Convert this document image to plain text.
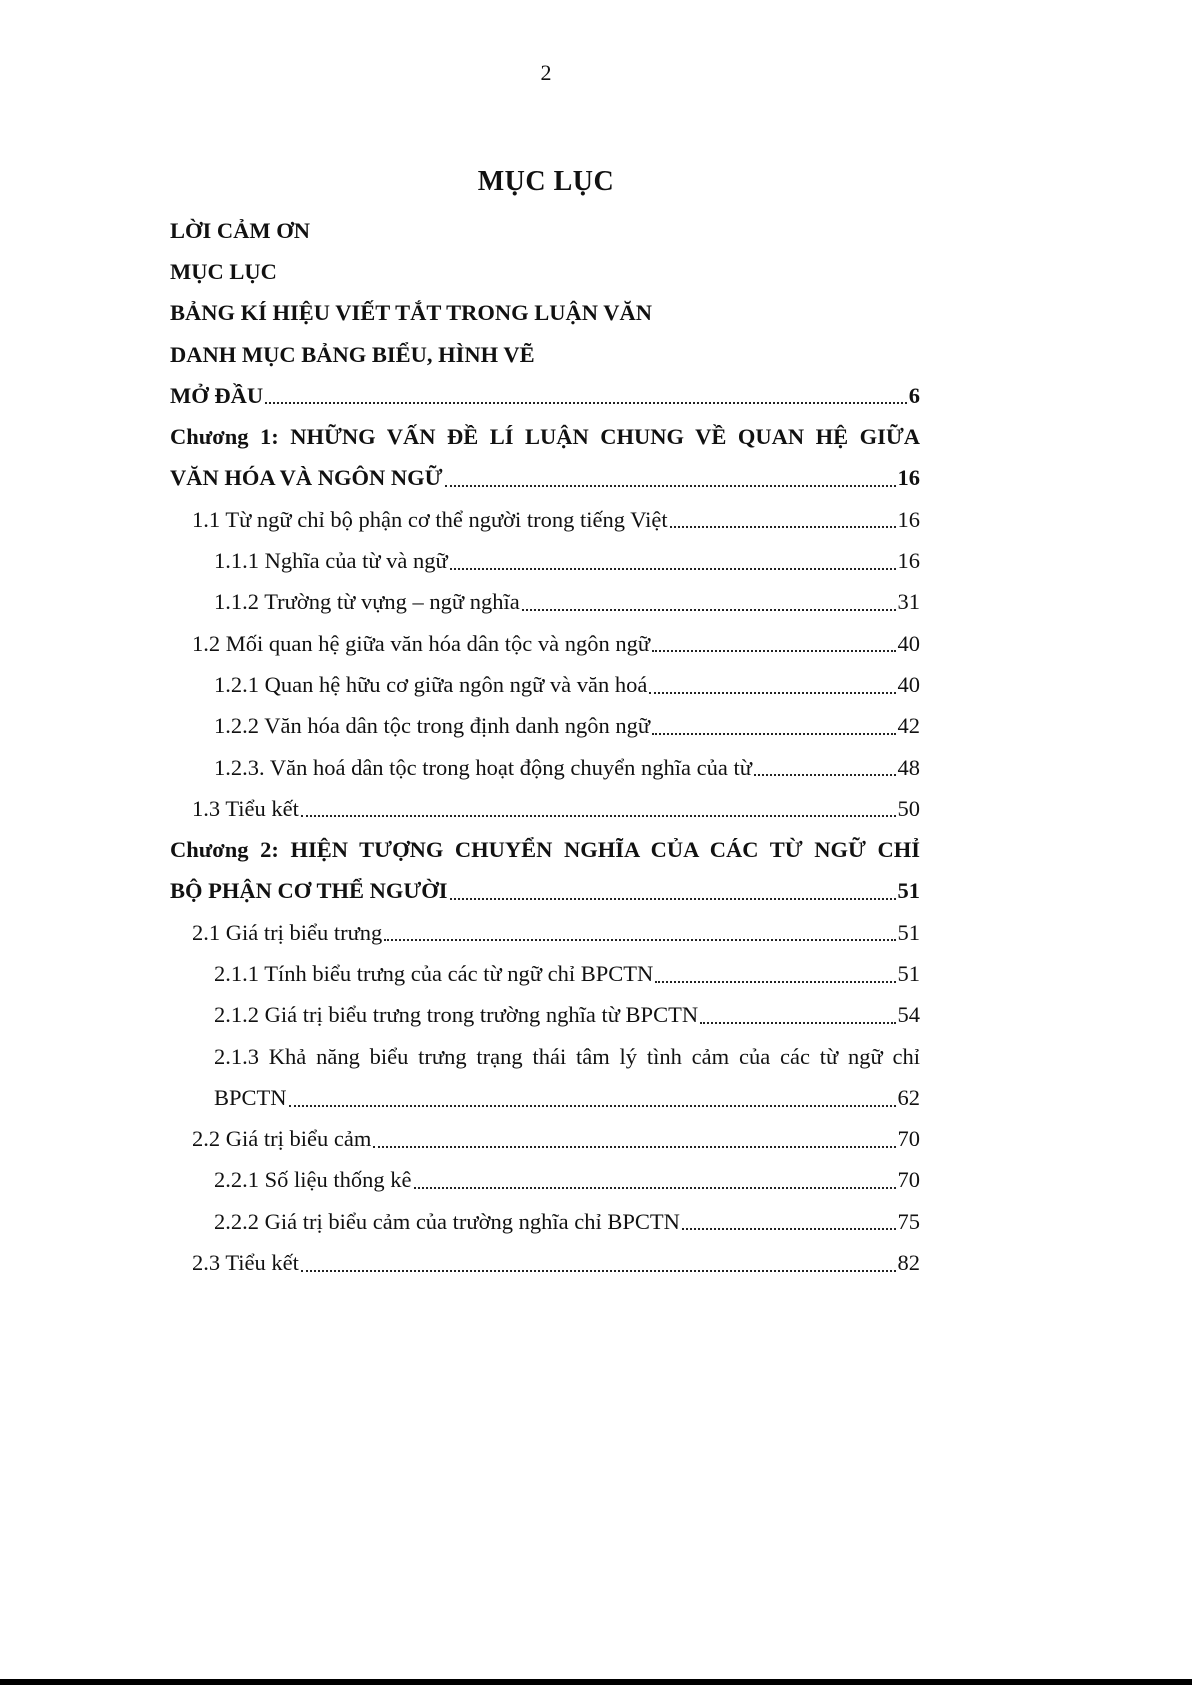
2
MỤC LỤC
LỜI CẢM ƠN
MỤC LỤC
BẢNG KÍ HIỆU VIẾT TẮT TRONG LUẬN VĂN
DANH MỤC BẢNG BIỂU, HÌNH VẼ
MỞ ĐẦU	6
Chương 1: NHỮNG VẤN ĐỀ LÍ LUẬN CHUNG VỀ QUAN HỆ GIỮA
VĂN HÓA VÀ NGÔN NGỮ	16
1.1 Từ ngữ chỉ bộ phận cơ thể người trong tiếng Việt	16
1.1.1 Nghĩa của từ và ngữ	16
1.1.2 Trường từ vựng – ngữ nghĩa	31
1.2 Mối quan hệ giữa văn hóa dân tộc và ngôn ngữ	40
1.2.1 Quan hệ hữu cơ giữa ngôn ngữ và văn hoá	40
1.2.2 Văn hóa dân tộc trong định danh ngôn ngữ	42
1.2.3. Văn hoá dân tộc trong hoạt động chuyển nghĩa của từ	48
1.3 Tiểu kết	50
Chương 2: HIỆN TƯỢNG CHUYỂN NGHĨA CỦA CÁC TỪ NGỮ CHỈ
BỘ PHẬN CƠ THỂ NGƯỜI	51
2.1 Giá trị biểu trưng	51
2.1.1 Tính biểu trưng của các từ ngữ chỉ BPCTN	51
2.1.2 Giá trị biểu trưng trong trường nghĩa từ BPCTN	54
2.1.3 Khả năng biểu trưng trạng thái tâm lý tình cảm của các từ ngữ chỉ
BPCTN	62
2.2 Giá trị biểu cảm	70
2.2.1 Số liệu thống kê	70
2.2.2 Giá trị biểu cảm của trường nghĩa chỉ BPCTN	75
2.3 Tiểu kết	82
